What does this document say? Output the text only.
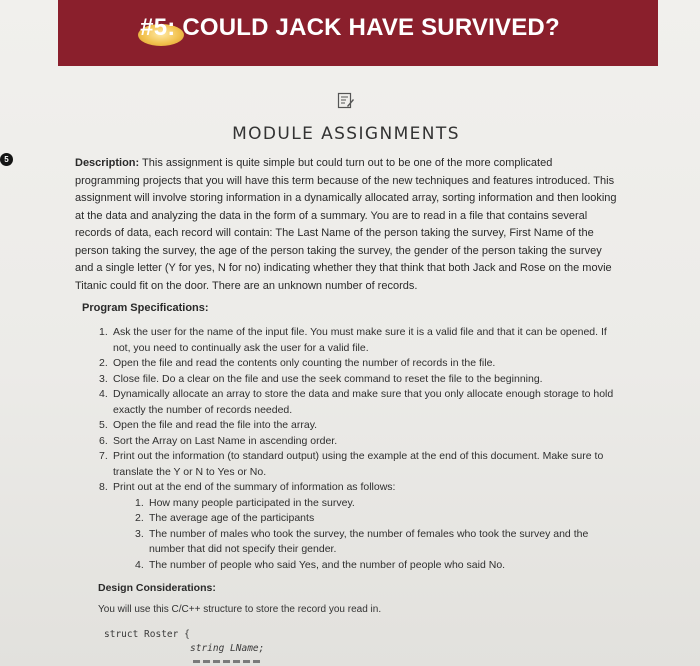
#5: COULD JACK HAVE SURVIVED?
MODULE ASSIGNMENTS
5	Description: This assignment is quite simple but could turn out to be one of the more complicated programming projects that you will have this term because of the new techniques and features introduced. This assignment will involve storing information in a dynamically allocated array, sorting information and then looking at the data and analyzing the data in the form of a summary. You are to read in a file that contains several records of data, each record will contain: The Last Name of the person taking the survey, First Name of the person taking the survey, the age of the person taking the survey, the gender of the person taking the survey and a single letter (Y for yes, N for no) indicating whether they that think that both Jack and Rose on the movie Titanic could fit on the door. There are an unknown number of records.
Program Specifications:
1. Ask the user for the name of the input file. You must make sure it is a valid file and that it can be opened. If not, you need to continually ask the user for a valid file.
2. Open the file and read the contents only counting the number of records in the file.
3. Close file. Do a clear on the file and use the seek command to reset the file to the beginning.
4. Dynamically allocate an array to store the data and make sure that you only allocate enough storage to hold exactly the number of records needed.
5. Open the file and read the file into the array.
6. Sort the Array on Last Name in ascending order.
7. Print out the information (to standard output) using the example at the end of this document. Make sure to translate the Y or N to Yes or No.
8. Print out at the end of the summary of information as follows:
1. How many people participated in the survey.
2. The average age of the participants
3. The number of males who took the survey, the number of females who took the survey and the number that did not specify their gender.
4. The number of people who said Yes, and the number of people who said No.
Design Considerations:
You will use this C/C++ structure to store the record you read in.
struct Roster {
string LName;
